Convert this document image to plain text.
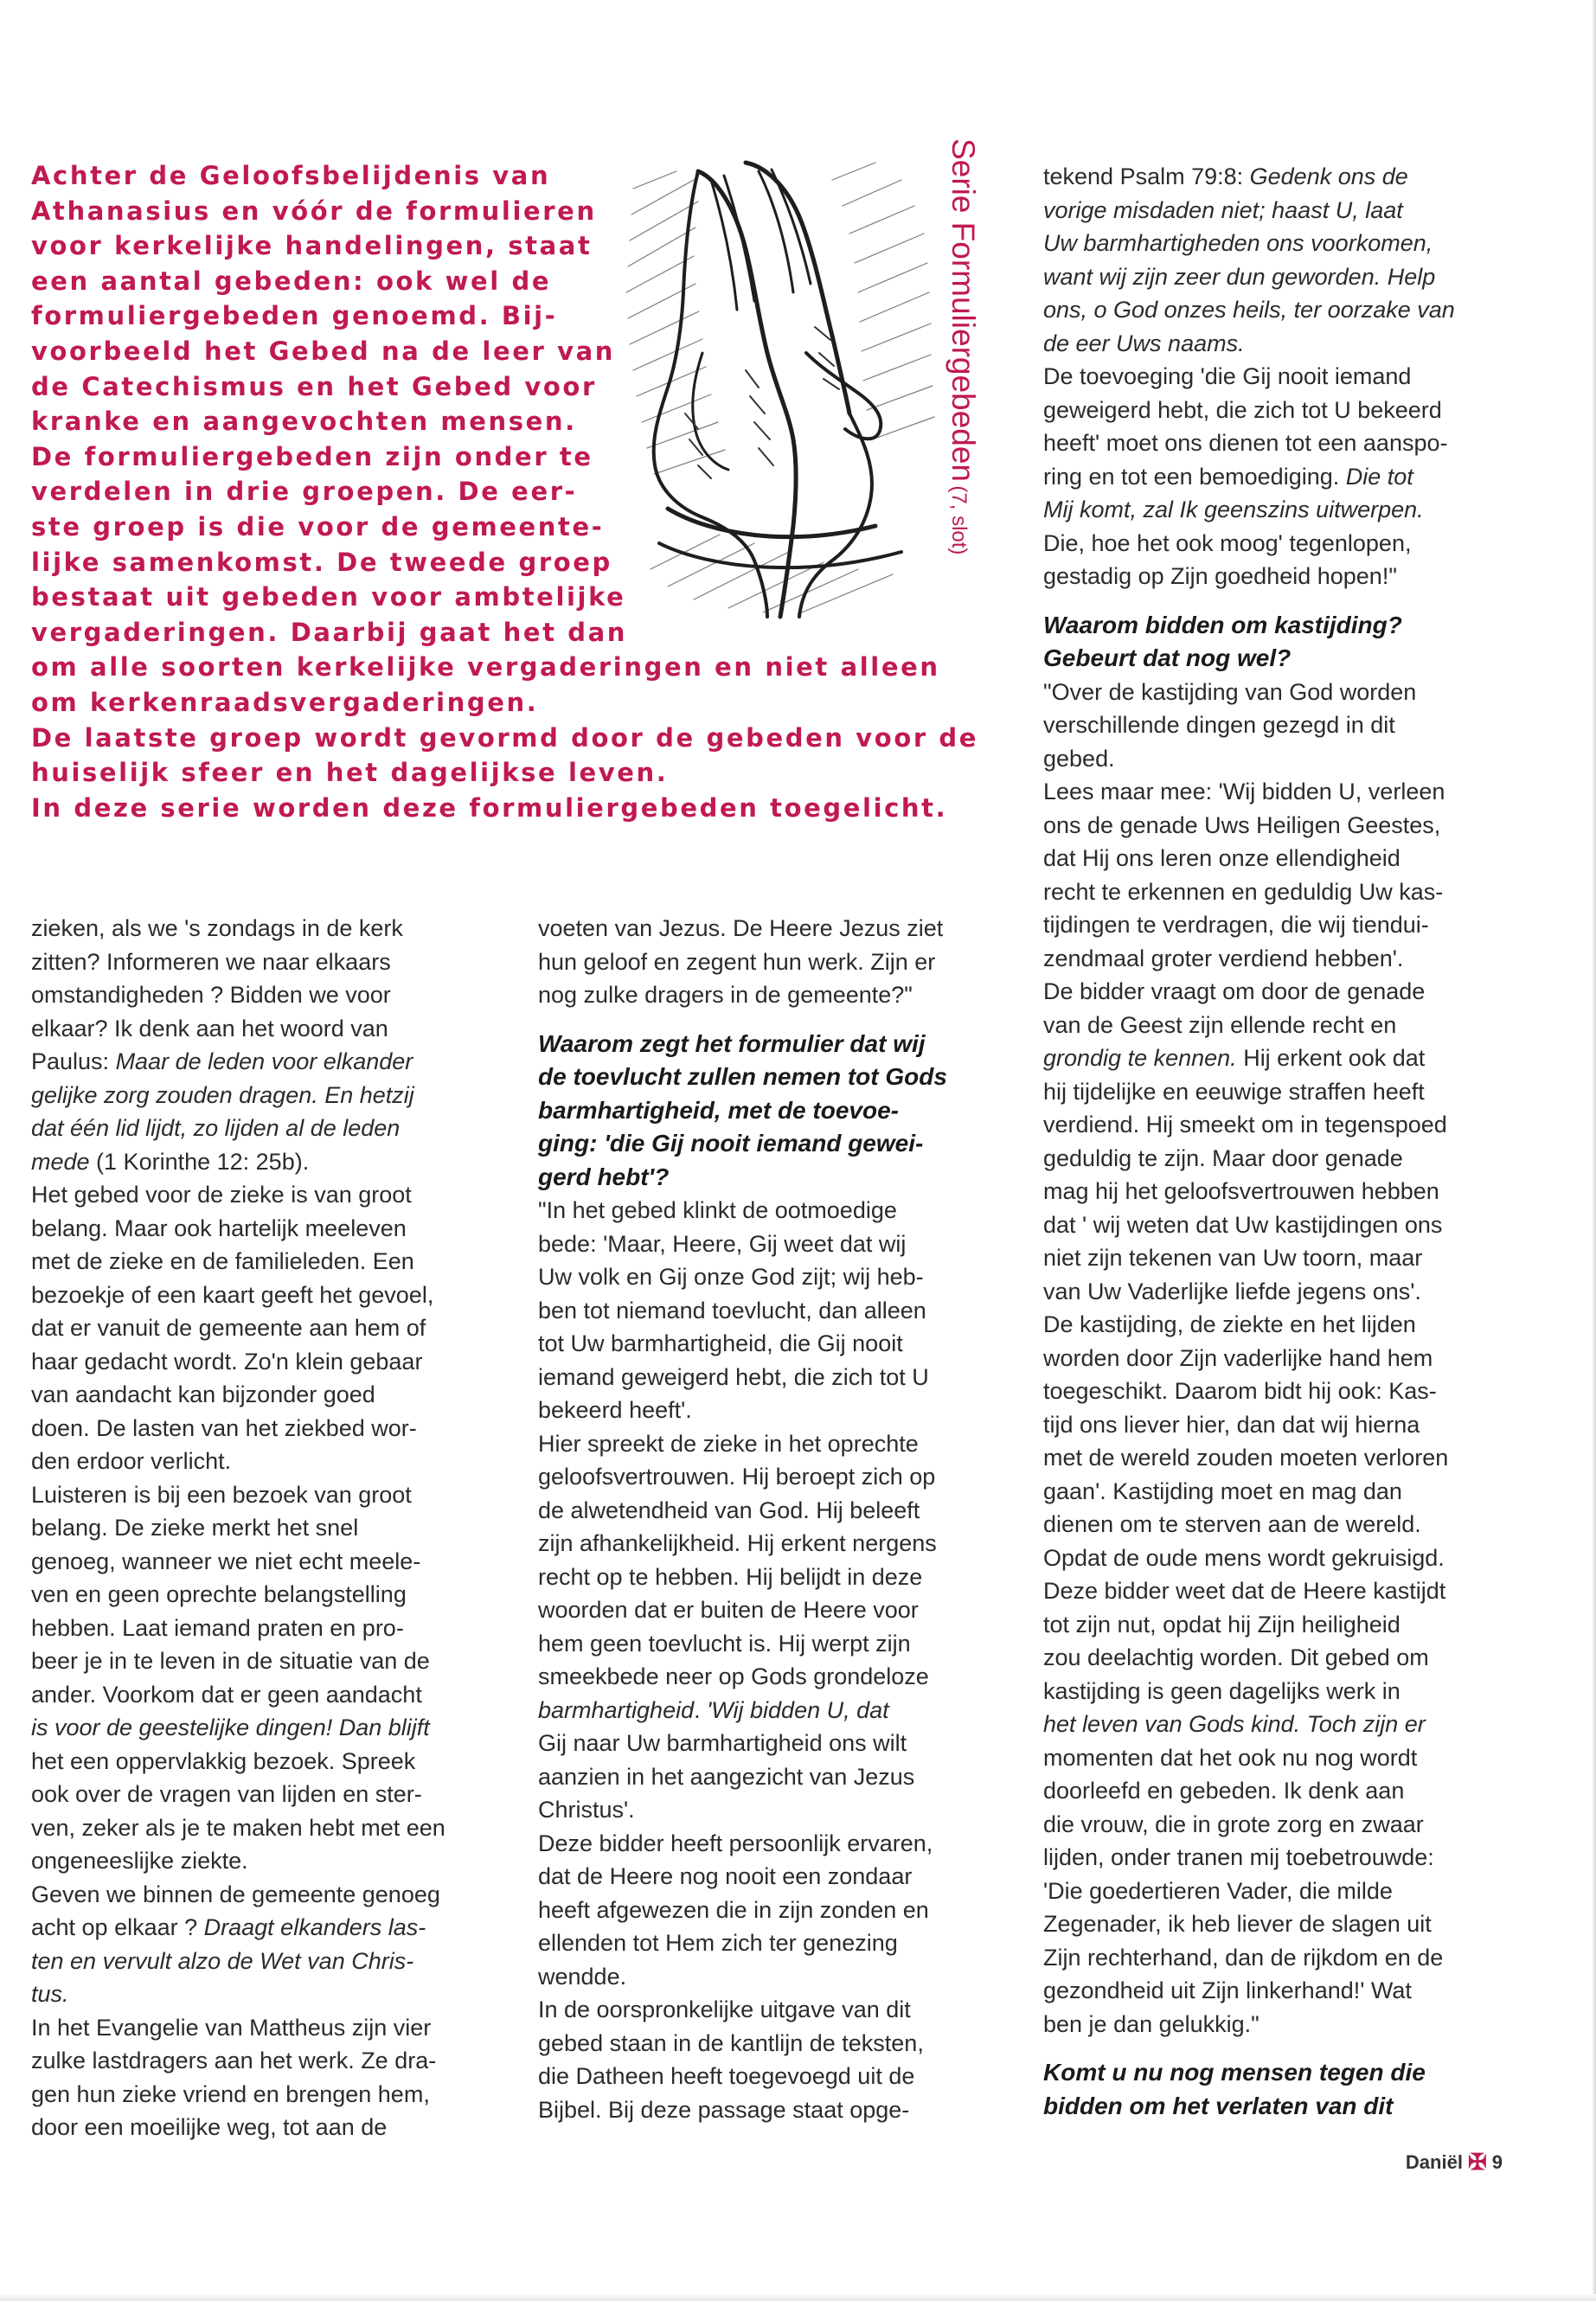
Achter de Geloofsbelijdenis van
Athanasius en vóór de formulieren
voor kerkelijke handelingen, staat
een aantal gebeden: ook wel de
formuliergebeden genoemd. Bij-
voorbeeld het Gebed na de leer van
de Catechismus en het Gebed voor
kranke en aangevochten mensen.
De formuliergebeden zijn onder te
verdelen in drie groepen. De eer-
ste groep is die voor de gemeente-
lijke samenkomst. De tweede groep
bestaat uit gebeden voor ambtelijke
vergaderingen. Daarbij gaat het dan
om alle soorten kerkelijke vergaderingen en niet alleen
om kerkenraadsvergaderingen.
De laatste groep wordt gevormd door de gebeden voor de
huiselijk sfeer en het dagelijkse leven.
In deze serie worden deze formuliergebeden toegelicht.
Serie Formuliergebeden (7, slot)
zieken, als we 's zondags in de kerk
zitten? Informeren we naar elkaars
omstandigheden ? Bidden we voor
elkaar? Ik denk aan het woord van
Paulus: Maar de leden voor elkander
gelijke zorg zouden dragen. En hetzij
dat één lid lijdt, zo lijden al de leden
mede (1 Korinthe 12: 25b).
Het gebed voor de zieke is van groot
belang. Maar ook hartelijk meeleven
met de zieke en de familieleden. Een
bezoekje of een kaart geeft het gevoel,
dat er vanuit de gemeente aan hem of
haar gedacht wordt. Zo'n klein gebaar
van aandacht kan bijzonder goed
doen. De lasten van het ziekbed wor-
den erdoor verlicht.
Luisteren is bij een bezoek van groot
belang. De zieke merkt het snel
genoeg, wanneer we niet echt meele-
ven en geen oprechte belangstelling
hebben. Laat iemand praten en pro-
beer je in te leven in de situatie van de
ander. Voorkom dat er geen aandacht
is voor de geestelijke dingen! Dan blijft
het een oppervlakkig bezoek. Spreek
ook over de vragen van lijden en ster-
ven, zeker als je te maken hebt met een
ongeneeslijke ziekte.
Geven we binnen de gemeente genoeg
acht op elkaar ? Draagt elkanders las-
ten en vervult alzo de Wet van Chris-
tus.
In het Evangelie van Mattheus zijn vier
zulke lastdragers aan het werk. Ze dra-
gen hun zieke vriend en brengen hem,
door een moeilijke weg, tot aan de
voeten van Jezus. De Heere Jezus ziet
hun geloof en zegent hun werk. Zijn er
nog zulke dragers in de gemeente?"
Waarom zegt het formulier dat wij
de toevlucht zullen nemen tot Gods
barmhartigheid, met de toevoe-
ging: 'die Gij nooit iemand gewei-
gerd hebt'?
"In het gebed klinkt de ootmoedige
bede: 'Maar, Heere, Gij weet dat wij
Uw volk en Gij onze God zijt; wij heb-
ben tot niemand toevlucht, dan alleen
tot Uw barmhartigheid, die Gij nooit
iemand geweigerd hebt, die zich tot U
bekeerd heeft'.
Hier spreekt de zieke in het oprechte
geloofsvertrouwen. Hij beroept zich op
de alwetendheid van God. Hij beleeft
zijn afhankelijkheid. Hij erkent nergens
recht op te hebben. Hij belijdt in deze
woorden dat er buiten de Heere voor
hem geen toevlucht is. Hij werpt zijn
smeekbede neer op Gods grondeloze
barmhartigheid. 'Wij bidden U, dat
Gij naar Uw barmhartigheid ons wilt
aanzien in het aangezicht van Jezus
Christus'.
Deze bidder heeft persoonlijk ervaren,
dat de Heere nog nooit een zondaar
heeft afgewezen die in zijn zonden en
ellenden tot Hem zich ter genezing
wendde.
In de oorspronkelijke uitgave van dit
gebed staan in de kantlijn de teksten,
die Datheen heeft toegevoegd uit de
Bijbel. Bij deze passage staat opge-
tekend Psalm 79:8: Gedenk ons de
vorige misdaden niet; haast U, laat
Uw barmhartigheden ons voorkomen,
want wij zijn zeer dun geworden. Help
ons, o God onzes heils, ter oorzake van
de eer Uws naams.
De toevoeging 'die Gij nooit iemand
geweigerd hebt, die zich tot U bekeerd
heeft' moet ons dienen tot een aanspo-
ring en tot een bemoediging. Die tot
Mij komt, zal Ik geenszins uitwerpen.
Die, hoe het ook moog' tegenlopen,
gestadig op Zijn goedheid hopen!"
Waarom bidden om kastijding?
Gebeurt dat nog wel?
"Over de kastijding van God worden
verschillende dingen gezegd in dit
gebed.
Lees maar mee: 'Wij bidden U, verleen
ons de genade Uws Heiligen Geestes,
dat Hij ons leren onze ellendigheid
recht te erkennen en geduldig Uw kas-
tijdingen te verdragen, die wij tiendui-
zendmaal groter verdiend hebben'.
De bidder vraagt om door de genade
van de Geest zijn ellende recht en
grondig te kennen. Hij erkent ook dat
hij tijdelijke en eeuwige straffen heeft
verdiend. Hij smeekt om in tegenspoed
geduldig te zijn. Maar door genade
mag hij het geloofsvertrouwen hebben
dat ' wij weten dat Uw kastijdingen ons
niet zijn tekenen van Uw toorn, maar
van Uw Vaderlijke liefde jegens ons'.
De kastijding, de ziekte en het lijden
worden door Zijn vaderlijke hand hem
toegeschikt. Daarom bidt hij ook: Kas-
tijd ons liever hier, dan dat wij hierna
met de wereld zouden moeten verloren
gaan'. Kastijding moet en mag dan
dienen om te sterven aan de wereld.
Opdat de oude mens wordt gekruisigd.
Deze bidder weet dat de Heere kastijdt
tot zijn nut, opdat hij Zijn heiligheid
zou deelachtig worden. Dit gebed om
kastijding is geen dagelijks werk in
het leven van Gods kind. Toch zijn er
momenten dat het ook nu nog wordt
doorleefd en gebeden. Ik denk aan
die vrouw, die in grote zorg en zwaar
lijden, onder tranen mij toebetrouwde:
'Die goedertieren Vader, die milde
Zegenader, ik heb liever de slagen uit
Zijn rechterhand, dan de rijkdom en de
gezondheid uit Zijn linkerhand!' Wat
ben je dan gelukkig."
Komt u nu nog mensen tegen die
bidden om het verlaten van dit
Daniël ✠ 9
